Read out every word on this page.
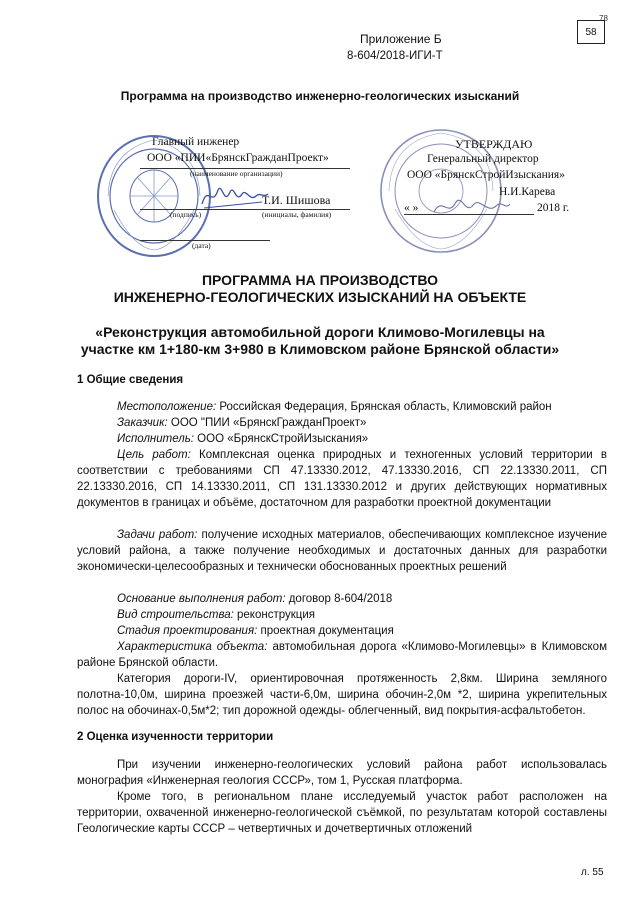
58
78
Приложение Б
8-604/2018-ИГИ-Т
Программа на производство инженерно-геологических изысканий
Главный инженер
ООО «ПИИ«БрянскГражданПроект»
(наименование организации)
Т.И. Шишова
(подпись)	(инициалы, фамилия)
(дата)
УТВЕРЖДАЮ
Генеральный директор
ООО «БрянскСтройИзыскания»
Н.И.Карева
« »	2018 г.
ПРОГРАММА НА ПРОИЗВОДСТВО
ИНЖЕНЕРНО-ГЕОЛОГИЧЕСКИХ ИЗЫСКАНИЙ НА ОБЪЕКТЕ
«Реконструкция автомобильной дороги Климово-Могилевцы на
участке км 1+180-км 3+980 в Климовском районе Брянской области»
1 Общие сведения
Местоположение: Российская Федерация, Брянская область, Климовский район
Заказчик: ООО "ПИИ «БрянскГражданПроект»
Исполнитель: ООО «БрянскСтройИзыскания»
Цель работ: Комплексная оценка природных и техногенных условий территории в соответствии с требованиями СП 47.13330.2012, 47.13330.2016, СП 22.13330.2011, СП 22.13330.2016, СП 14.13330.2011, СП 131.13330.2012 и других действующих нормативных документов в границах и объёме, достаточном для разработки проектной документации
Задачи работ: получение исходных материалов, обеспечивающих комплексное изучение условий района, а также получение необходимых и достаточных данных для разработки экономически-целесообразных и технически обоснованных проектных решений
Основание выполнения работ: договор 8-604/2018
Вид строительства: реконструкция
Стадия проектирования: проектная документация
Характеристика объекта: автомобильная дорога «Климово-Могилевцы» в Климовском районе Брянской области.
Категория дороги-IV, ориентировочная протяженность 2,8км. Ширина земляного полотна-10,0м, ширина проезжей части-6,0м, ширина обочин-2,0м *2, ширина укрепительных полос на обочинах-0,5м*2; тип дорожной одежды- облегченный, вид покрытия-асфальтобетон.
2 Оценка изученности территории
При изучении инженерно-геологических условий района работ использовалась монография «Инженерная геология СССР», том 1, Русская платформа.
Кроме того, в региональном плане исследуемый участок работ расположен на территории, охваченной инженерно-геологической съёмкой, по результатам которой составлены Геологические карты СССР – четвертичных и дочетвертичных отложений
л. 55
